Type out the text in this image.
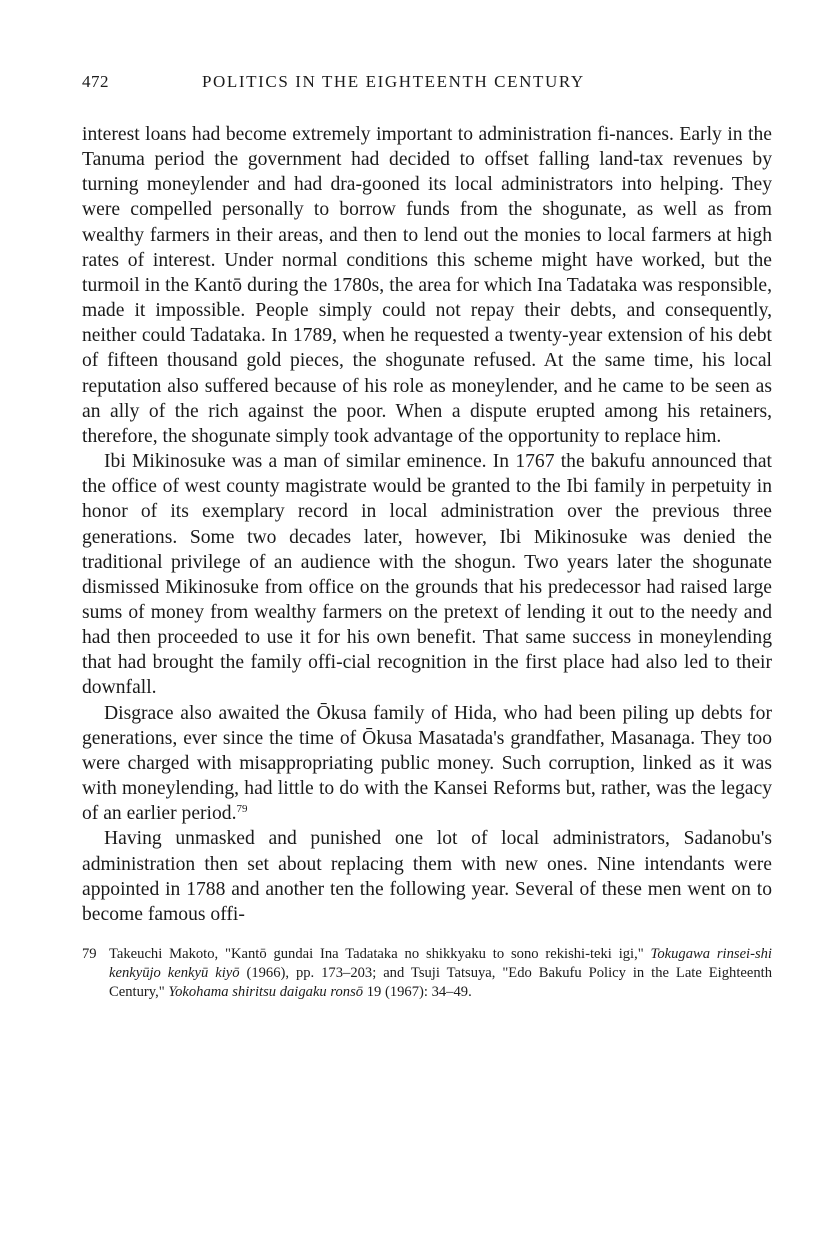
472	POLITICS IN THE EIGHTEENTH CENTURY

interest loans had become extremely important to administration fi-nances. Early in the Tanuma period the government had decided to offset falling land-tax revenues by turning moneylender and had dra-gooned its local administrators into helping. They were compelled personally to borrow funds from the shogunate, as well as from wealthy farmers in their areas, and then to lend out the monies to local farmers at high rates of interest. Under normal conditions this scheme might have worked, but the turmoil in the Kantō during the 1780s, the area for which Ina Tadataka was responsible, made it impossible. People simply could not repay their debts, and consequently, neither could Tadataka. In 1789, when he requested a twenty-year extension of his debt of fifteen thousand gold pieces, the shogunate refused. At the same time, his local reputation also suffered because of his role as moneylender, and he came to be seen as an ally of the rich against the poor. When a dispute erupted among his retainers, therefore, the shogunate simply took advantage of the opportunity to replace him.

Ibi Mikinosuke was a man of similar eminence. In 1767 the bakufu announced that the office of west county magistrate would be granted to the Ibi family in perpetuity in honor of its exemplary record in local administration over the previous three generations. Some two decades later, however, Ibi Mikinosuke was denied the traditional privilege of an audience with the shogun. Two years later the shogunate dismissed Mikinosuke from office on the grounds that his predecessor had raised large sums of money from wealthy farmers on the pretext of lending it out to the needy and had then proceeded to use it for his own benefit. That same success in moneylending that had brought the family offi-cial recognition in the first place had also led to their downfall.

Disgrace also awaited the Ōkusa family of Hida, who had been piling up debts for generations, ever since the time of Ōkusa Masatada's grandfather, Masanaga. They too were charged with misappropriating public money. Such corruption, linked as it was with moneylending, had little to do with the Kansei Reforms but, rather, was the legacy of an earlier period.$^{79}$

Having unmasked and punished one lot of local administrators, Sadanobu's administration then set about replacing them with new ones. Nine intendants were appointed in 1788 and another ten the following year. Several of these men went on to become famous offi-

79 Takeuchi Makoto, "Kantō gundai Ina Tadataka no shikkyaku to sono rekishi-teki igi," Tokugawa rinsei-shi kenkyūjo kenkyū kiyō (1966), pp. 173–203; and Tsuji Tatsuya, "Edo Bakufu Policy in the Late Eighteenth Century," Yokohama shiritsu daigaku ronsō 19 (1967): 34–49.
